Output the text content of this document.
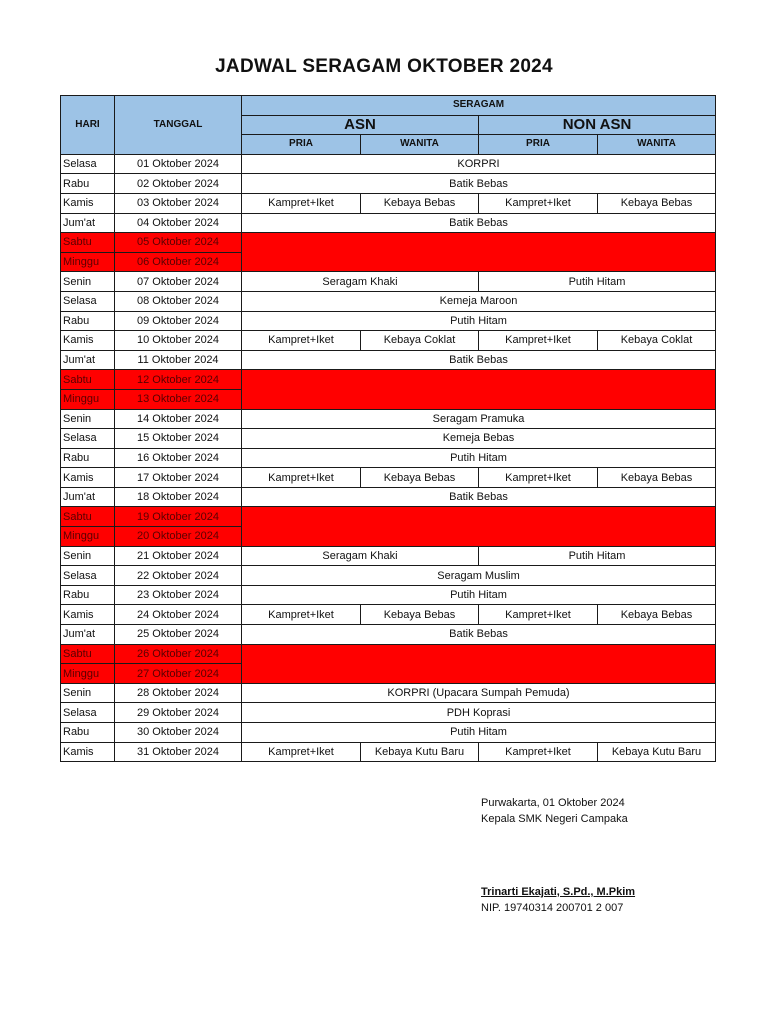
JADWAL SERAGAM OKTOBER 2024
HARI	TANGGAL	SERAGAM			
		ASN		NON ASN	
		PRIA	WANITA	PRIA	WANITA
Selasa	01 Oktober 2024	KORPRI			
Rabu	02 Oktober 2024	Batik Bebas			
Kamis	03 Oktober 2024	Kampret+Iket	Kebaya Bebas	Kampret+Iket	Kebaya Bebas
Jum'at	04 Oktober 2024	Batik Bebas			
Sabtu	05 Oktober 2024				
Minggu	06 Oktober 2024				
Senin	07 Oktober 2024	Seragam Khaki		Putih Hitam	
Selasa	08 Oktober 2024	Kemeja Maroon			
Rabu	09 Oktober 2024	Putih Hitam			
Kamis	10 Oktober 2024	Kampret+Iket	Kebaya Coklat	Kampret+Iket	Kebaya Coklat
Jum'at	11 Oktober 2024	Batik Bebas			
Sabtu	12 Oktober 2024				
Minggu	13 Oktober 2024				
Senin	14 Oktober 2024	Seragam Pramuka			
Selasa	15 Oktober 2024	Kemeja Bebas			
Rabu	16 Oktober 2024	Putih Hitam			
Kamis	17 Oktober 2024	Kampret+Iket	Kebaya Bebas	Kampret+Iket	Kebaya Bebas
Jum'at	18 Oktober 2024	Batik Bebas			
Sabtu	19 Oktober 2024				
Minggu	20 Oktober 2024				
Senin	21 Oktober 2024	Seragam Khaki		Putih Hitam	
Selasa	22 Oktober 2024	Seragam Muslim			
Rabu	23 Oktober 2024	Putih Hitam			
Kamis	24 Oktober 2024	Kampret+Iket	Kebaya Bebas	Kampret+Iket	Kebaya Bebas
Jum'at	25 Oktober 2024	Batik Bebas			
Sabtu	26 Oktober 2024				
Minggu	27 Oktober 2024				
Senin	28 Oktober 2024	KORPRI (Upacara Sumpah Pemuda)			
Selasa	29 Oktober 2024	PDH Koprasi			
Rabu	30 Oktober 2024	Putih Hitam			
Kamis	31 Oktober 2024	Kampret+Iket	Kebaya Kutu Baru	Kampret+Iket	Kebaya Kutu Baru
Purwakarta, 01 Oktober 2024
Kepala SMK Negeri Campaka
Trinarti Ekajati, S.Pd., M.Pkim
NIP. 19740314 200701 2 007
